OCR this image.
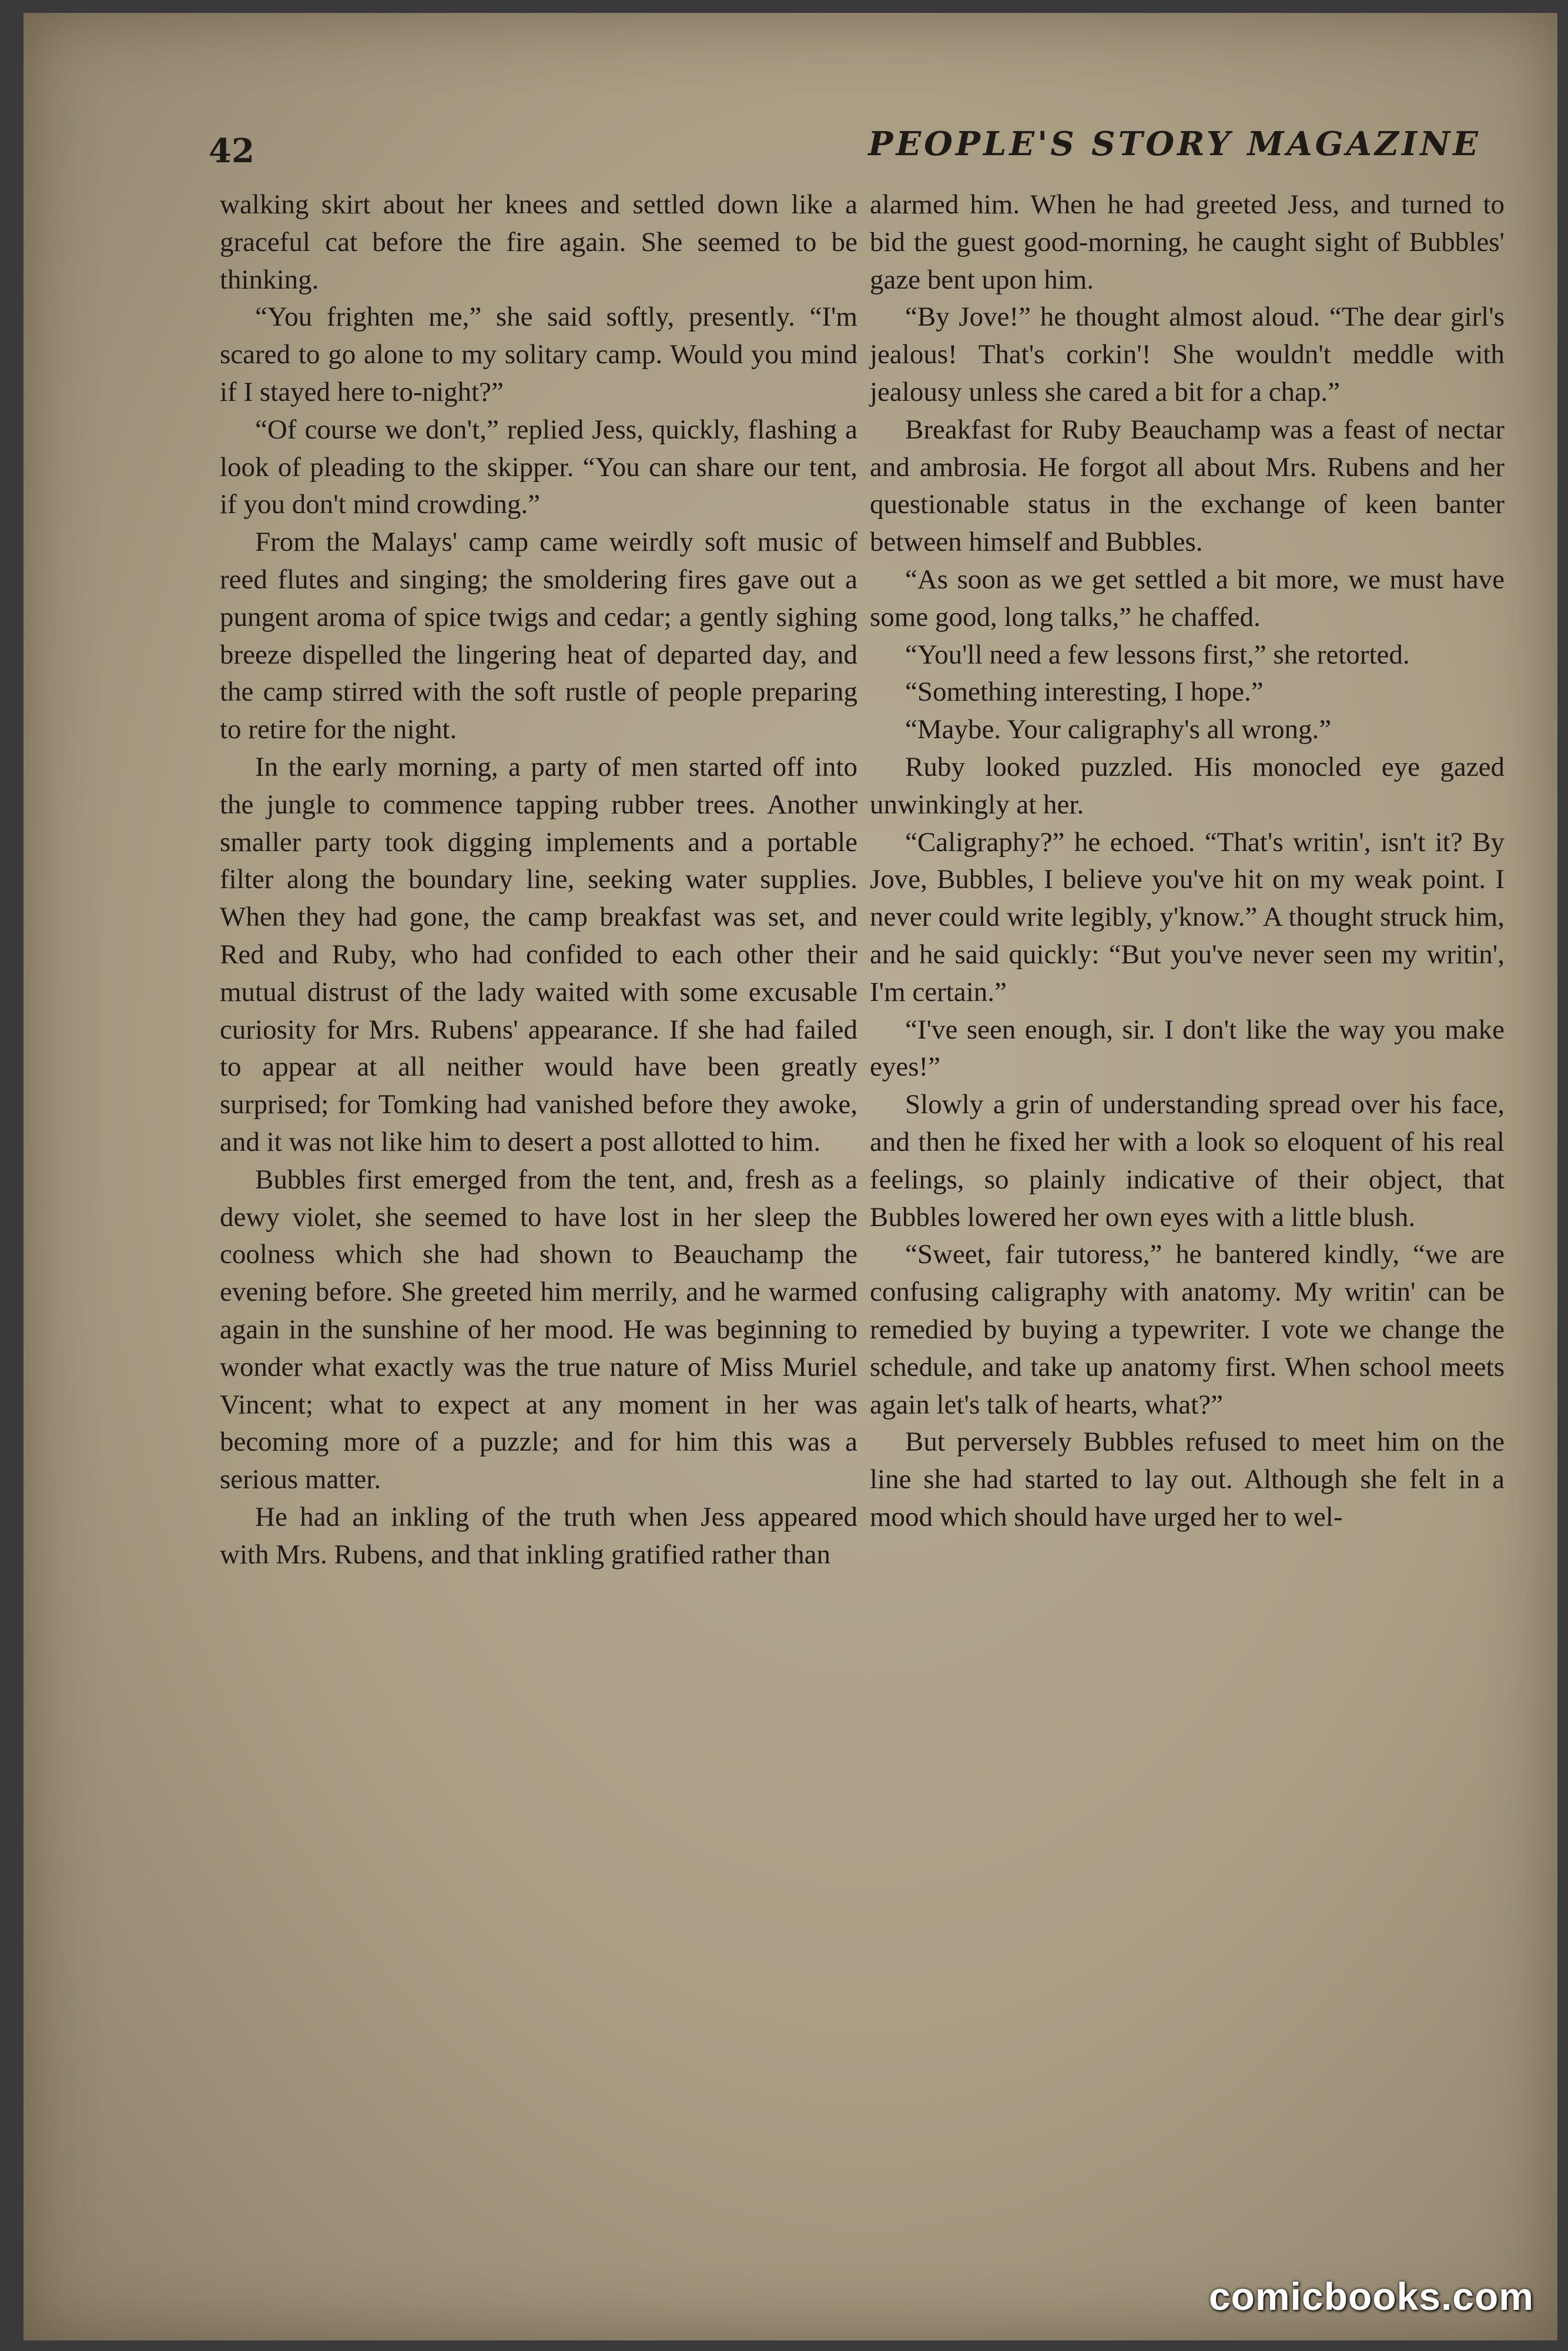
42	PEOPLE'S STORY MAGAZINE

walking skirt about her knees and settled down like a graceful cat before the fire again. She seemed to be thinking.

“You frighten me,” she said softly, presently. “I'm scared to go alone to my solitary camp. Would you mind if I stayed here to-night?”

“Of course we don't,” replied Jess, quickly, flashing a look of pleading to the skipper. “You can share our tent, if you don't mind crowding.”

From the Malays' camp came weirdly soft music of reed flutes and singing; the smoldering fires gave out a pungent aroma of spice twigs and cedar; a gently sighing breeze dispelled the lingering heat of departed day, and the camp stirred with the soft rustle of people preparing to retire for the night.

In the early morning, a party of men started off into the jungle to commence tapping rubber trees. Another smaller party took digging implements and a portable filter along the boundary line, seeking water supplies. When they had gone, the camp breakfast was set, and Red and Ruby, who had confided to each other their mutual distrust of the lady waited with some excusable curiosity for Mrs. Rubens' appearance. If she had failed to appear at all neither would have been greatly surprised; for Tomking had vanished before they awoke, and it was not like him to desert a post allotted to him.

Bubbles first emerged from the tent, and, fresh as a dewy violet, she seemed to have lost in her sleep the coolness which she had shown to Beauchamp the evening before. She greeted him merrily, and he warmed again in the sunshine of her mood. He was beginning to wonder what exactly was the true nature of Miss Muriel Vincent; what to expect at any moment in her was becoming more of a puzzle; and for him this was a serious matter.

He had an inkling of the truth when Jess appeared with Mrs. Rubens, and that inkling gratified rather than

alarmed him. When he had greeted Jess, and turned to bid the guest good-morning, he caught sight of Bubbles' gaze bent upon him.

“By Jove!” he thought almost aloud. “The dear girl's jealous! That's corkin'! She wouldn't meddle with jealousy unless she cared a bit for a chap.”

Breakfast for Ruby Beauchamp was a feast of nectar and ambrosia. He forgot all about Mrs. Rubens and her questionable status in the exchange of keen banter between himself and Bubbles.

“As soon as we get settled a bit more, we must have some good, long talks,” he chaffed.

“You'll need a few lessons first,” she retorted.

“Something interesting, I hope.”

“Maybe. Your caligraphy's all wrong.”

Ruby looked puzzled. His monocled eye gazed unwinkingly at her.

“Caligraphy?” he echoed. “That's writin', isn't it? By Jove, Bubbles, I believe you've hit on my weak point. I never could write legibly, y'know.” A thought struck him, and he said quickly: “But you've never seen my writin', I'm certain.”

“I've seen enough, sir. I don't like the way you make eyes!”

Slowly a grin of understanding spread over his face, and then he fixed her with a look so eloquent of his real feelings, so plainly indicative of their object, that Bubbles lowered her own eyes with a little blush.

“Sweet, fair tutoress,” he bantered kindly, “we are confusing caligraphy with anatomy. My writin' can be remedied by buying a typewriter. I vote we change the schedule, and take up anatomy first. When school meets again let's talk of hearts, what?”

But perversely Bubbles refused to meet him on the line she had started to lay out. Although she felt in a mood which should have urged her to wel-

comicbooks.com
